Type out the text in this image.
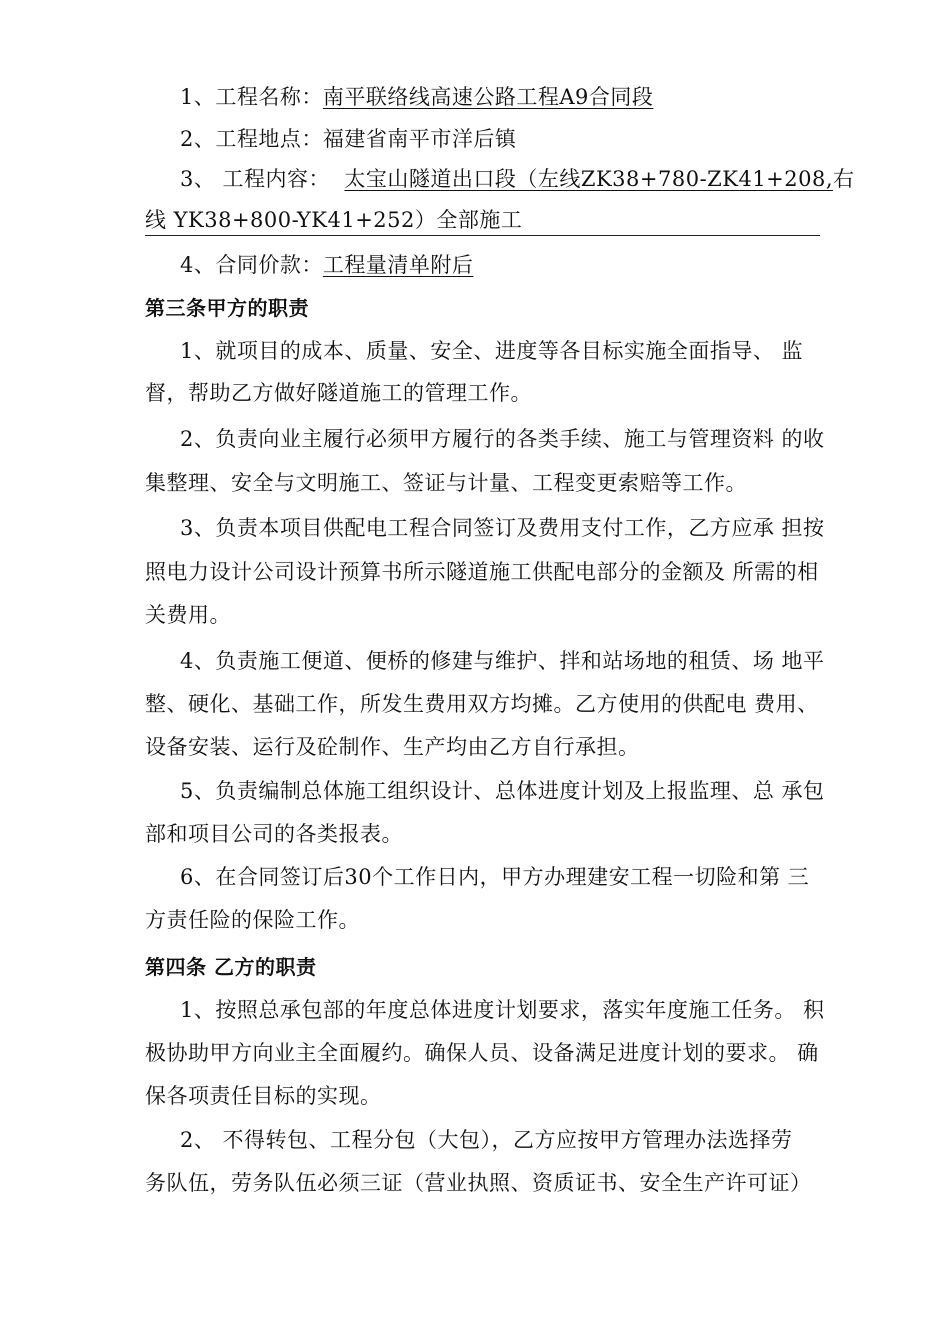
1、工程名称：南平联络线高速公路工程A9合同段
2、工程地点：福建省南平市洋后镇
3、 工程内容： 太宝山隧道出口段（左线ZK38+780-ZK41+208, 右
线 YK38+800-YK41+252）全部施工
4、合同价款：工程量清单附后
第三条甲方的职责
1、就项目的成本、质量、安全、进度等各目标实施全面指导、 监
督，帮助乙方做好隧道施工的管理工作。
2、负责向业主履行必须甲方履行的各类手续、施工与管理资料 的收
集整理、安全与文明施工、签证与计量、工程变更索赔等工作。
3、负责本项目供配电工程合同签订及费用支付工作，乙方应承 担按
照电力设计公司设计预算书所示隧道施工供配电部分的金额及 所需的相
关费用。
4、负责施工便道、便桥的修建与维护、拌和站场地的租赁、场 地平
整、硬化、基础工作，所发生费用双方均摊。乙方使用的供配电 费用、
设备安装、运行及砼制作、生产均由乙方自行承担。
5、负责编制总体施工组织设计、总体进度计划及上报监理、总 承包
部和项目公司的各类报表。
6、在合同签订后30个工作日内，甲方办理建安工程一切险和第 三
方责任险的保险工作。
第四条 乙方的职责
1、按照总承包部的年度总体进度计划要求，落实年度施工任务。 积
极协助甲方向业主全面履约。确保人员、设备满足进度计划的要求。 确
保各项责任目标的实现。
2、 不得转包、工程分包（大包），乙方应按甲方管理办法选择劳
务队伍，劳务队伍必须三证（营业执照、资质证书、安全生产许可证）
